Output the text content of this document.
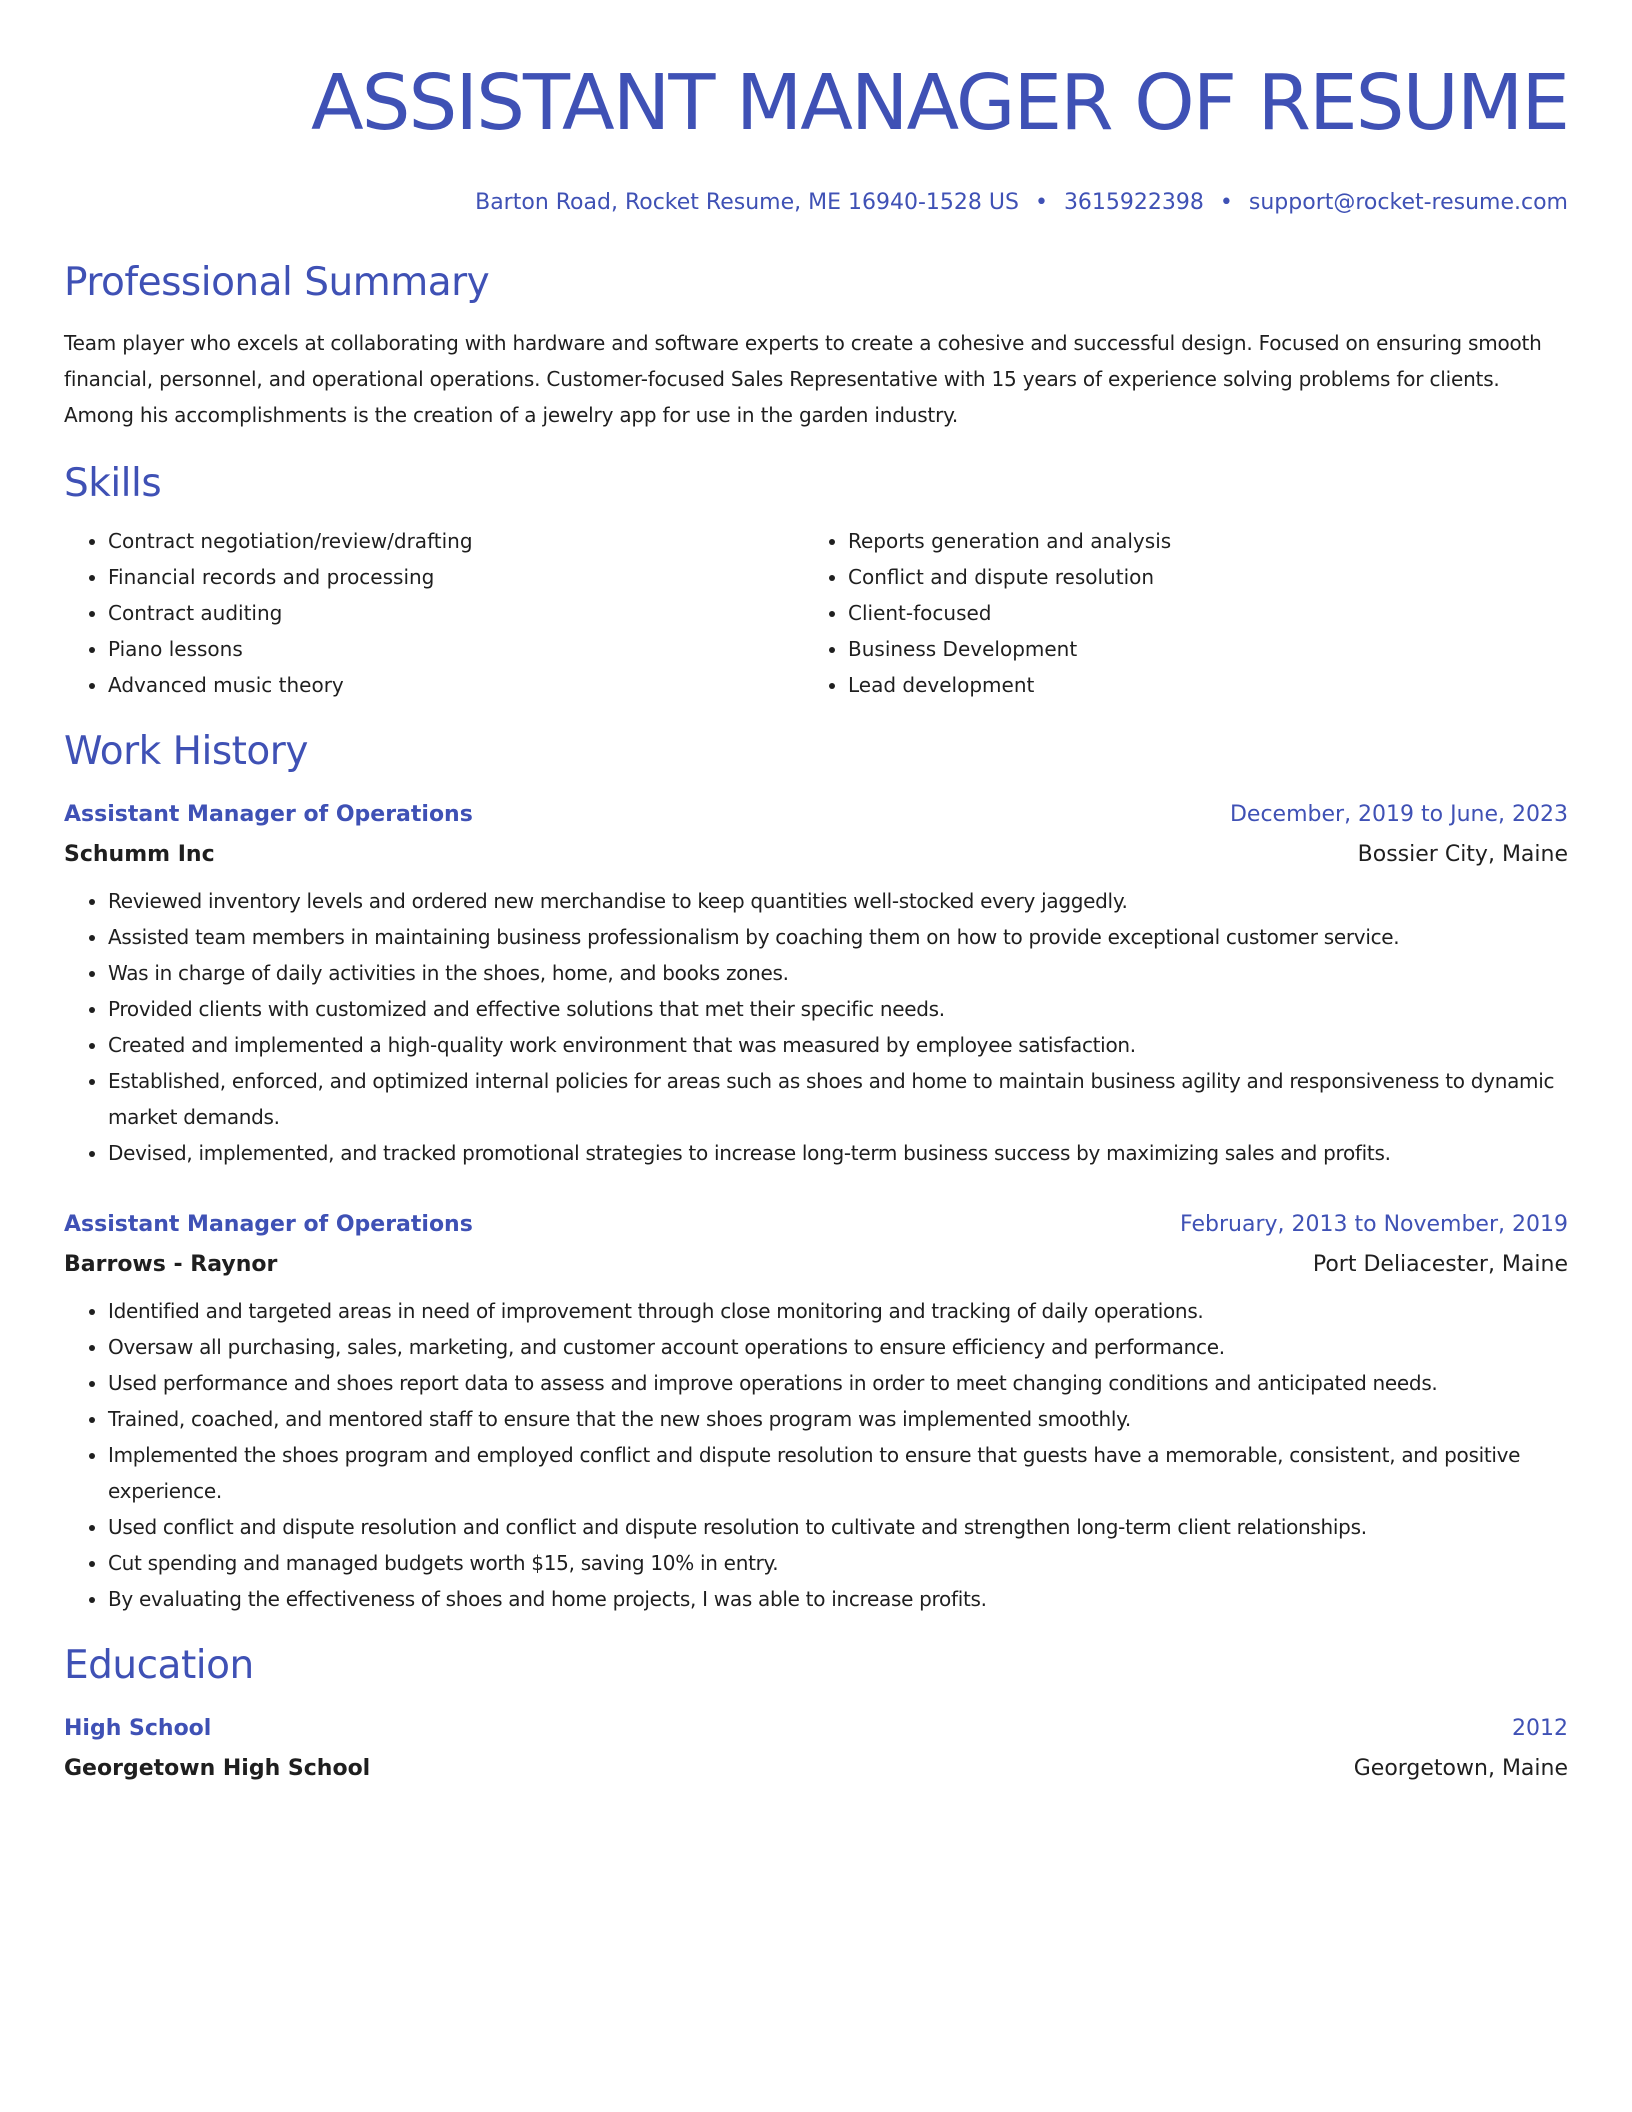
ASSISTANT MANAGER OF RESUME
Barton Road, Rocket Resume, ME 16940-1528 US • 3615922398 • support@rocket-resume.com
Professional Summary

Team player who excels at collaborating with hardware and software experts to create a cohesive and successful design. Focused on ensuring smooth financial, personnel, and operational operations. Customer-focused Sales Representative with 15 years of experience solving problems for clients. Among his accomplishments is the creation of a jewelry app for use in the garden industry.

Skills
• Contract negotiation/review/drafting
• Financial records and processing
• Contract auditing
• Piano lessons
• Advanced music theory
• Reports generation and analysis
• Conflict and dispute resolution
• Client-focused
• Business Development
• Lead development
Work History
Assistant Manager of Operations	December, 2019 to June, 2023
Schumm Inc	Bossier City, Maine
• Reviewed inventory levels and ordered new merchandise to keep quantities well-stocked every jaggedly.
• Assisted team members in maintaining business professionalism by coaching them on how to provide exceptional customer service.
• Was in charge of daily activities in the shoes, home, and books zones.
• Provided clients with customized and effective solutions that met their specific needs.
• Created and implemented a high-quality work environment that was measured by employee satisfaction.
• Established, enforced, and optimized internal policies for areas such as shoes and home to maintain business agility and responsiveness to dynamic market demands.
• Devised, implemented, and tracked promotional strategies to increase long-term business success by maximizing sales and profits.
Assistant Manager of Operations	February, 2013 to November, 2019
Barrows - Raynor	Port Deliacester, Maine
• Identified and targeted areas in need of improvement through close monitoring and tracking of daily operations.
• Oversaw all purchasing, sales, marketing, and customer account operations to ensure efficiency and performance.
• Used performance and shoes report data to assess and improve operations in order to meet changing conditions and anticipated needs.
• Trained, coached, and mentored staff to ensure that the new shoes program was implemented smoothly.
• Implemented the shoes program and employed conflict and dispute resolution to ensure that guests have a memorable, consistent, and positive experience.
• Used conflict and dispute resolution and conflict and dispute resolution to cultivate and strengthen long-term client relationships.
• Cut spending and managed budgets worth $15, saving 10% in entry.
• By evaluating the effectiveness of shoes and home projects, I was able to increase profits.
Education
High School	2012
Georgetown High School	Georgetown, Maine
